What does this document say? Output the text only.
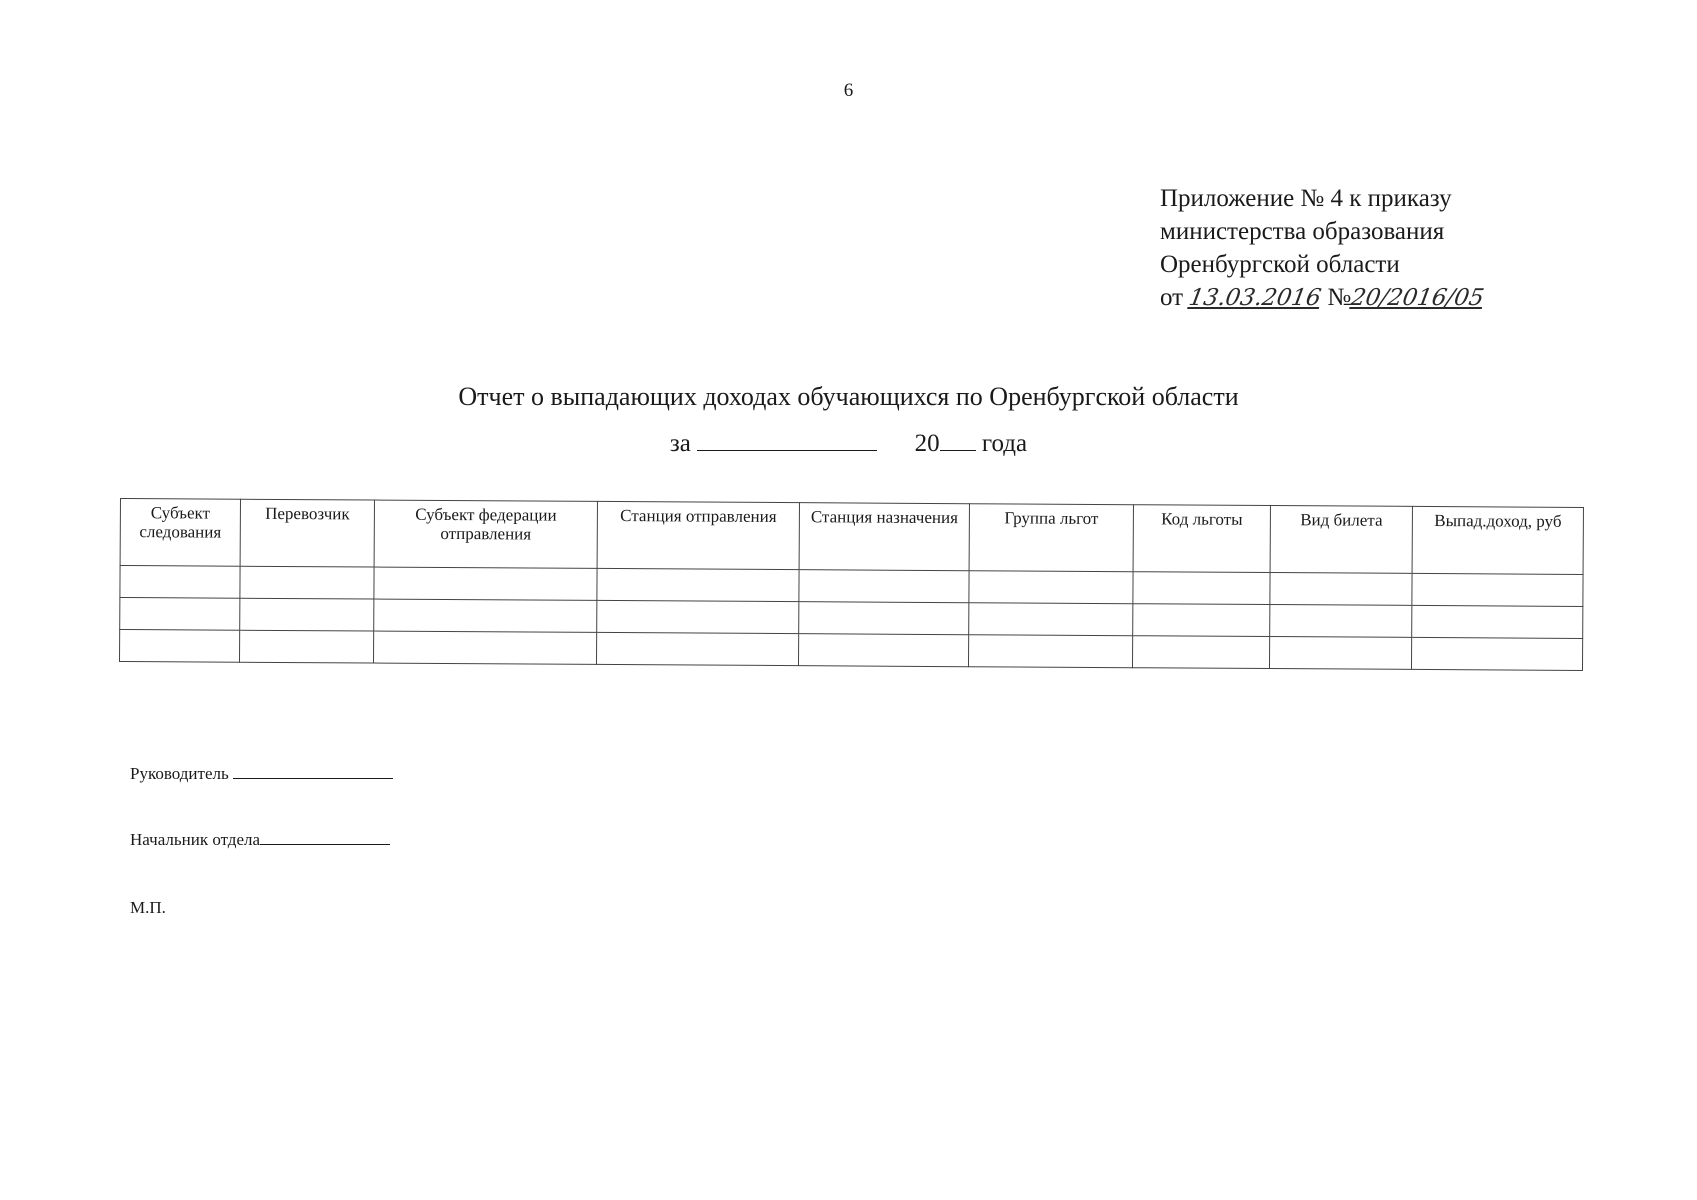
6
Приложение № 4 к приказу
министерства образования
Оренбургской области
от 13.03.2016 №20/2016/05
Отчет о выпадающих доходах обучающихся по Оренбургской области
за	20 года
Субъект следования	Перевозчик	Субъект федерации отправления	Станция отправления	Станция назначения	Группа льгот	Код льготы	Вид билета	Выпад.доход, руб

Руководитель
Начальник отдела
М.П.
